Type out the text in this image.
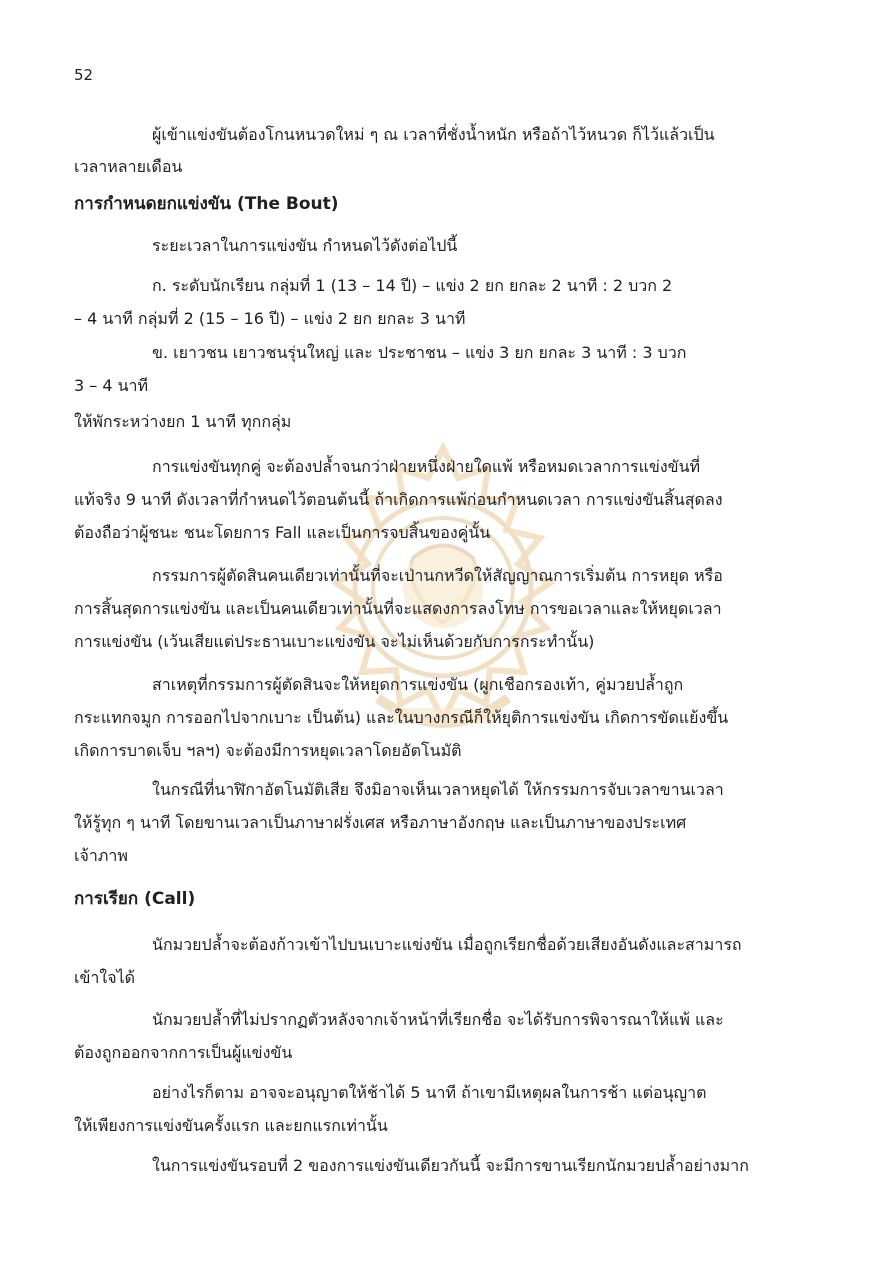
52
ผู้เข้าแข่งขันต้องโกนหนวดใหม่ ๆ ณ เวลาที่ชั่งน้ำหนัก หรือถ้าไว้หนวด ก็ไว้แล้วเป็น
เวลาหลายเดือน
การกำหนดยกแข่งขัน (The Bout)
ระยะเวลาในการแข่งขัน กำหนดไว้ดังต่อไปนี้
ก. ระดับนักเรียน กลุ่มที่ 1 (13 – 14 ปี) – แข่ง 2 ยก ยกละ 2 นาที : 2 บวก 2
– 4 นาที กลุ่มที่ 2 (15 – 16 ปี) – แข่ง 2 ยก ยกละ 3 นาที
ข. เยาวชน เยาวชนรุ่นใหญ่ และ ประชาชน – แข่ง 3 ยก ยกละ 3 นาที : 3 บวก
3 – 4 นาที
ให้พักระหว่างยก 1 นาที ทุกกลุ่ม
การแข่งขันทุกคู่ จะต้องปล้ำจนกว่าฝ่ายหนึ่งฝ่ายใดแพ้ หรือหมดเวลาการแข่งขันที่
แท้จริง 9 นาที ดังเวลาที่กำหนดไว้ตอนต้นนี้ ถ้าเกิดการแพ้ก่อนกำหนดเวลา การแข่งขันสิ้นสุดลง
ต้องถือว่าผู้ชนะ ชนะโดยการ Fall และเป็นการจบสิ้นของคู่นั้น
กรรมการผู้ตัดสินคนเดียวเท่านั้นที่จะเป่านกหวีดให้สัญญาณการเริ่มต้น การหยุด หรือ
การสิ้นสุดการแข่งขัน และเป็นคนเดียวเท่านั้นที่จะแสดงการลงโทษ การขอเวลาและให้หยุดเวลา
การแข่งขัน (เว้นเสียแต่ประธานเบาะแข่งขัน จะไม่เห็นด้วยกับการกระทำนั้น)
สาเหตุที่กรรมการผู้ตัดสินจะให้หยุดการแข่งขัน (ผูกเชือกรองเท้า, คู่มวยปล้ำถูก
กระแทกจมูก การออกไปจากเบาะ เป็นต้น) และในบางกรณีก็ให้ยุติการแข่งขัน เกิดการขัดแย้งขึ้น
เกิดการบาดเจ็บ ฯลฯ) จะต้องมีการหยุดเวลาโดยอัตโนมัติ
ในกรณีที่นาฬิกาอัตโนมัติเสีย จึงมิอาจเห็นเวลาหยุดได้ ให้กรรมการจับเวลาขานเวลา
ให้รู้ทุก ๆ นาที โดยขานเวลาเป็นภาษาฝรั่งเศส หรือภาษาอังกฤษ และเป็นภาษาของประเทศ
เจ้าภาพ
การเรียก (Call)
นักมวยปล้ำจะต้องก้าวเข้าไปบนเบาะแข่งขัน เมื่อถูกเรียกชื่อด้วยเสียงอันดังและสามารถ
เข้าใจได้
นักมวยปล้ำที่ไม่ปรากฏตัวหลังจากเจ้าหน้าที่เรียกชื่อ จะได้รับการพิจารณาให้แพ้ และ
ต้องถูกออกจากการเป็นผู้แข่งขัน
อย่างไรก็ตาม อาจจะอนุญาตให้ช้าได้ 5 นาที ถ้าเขามีเหตุผลในการช้า แต่อนุญาต
ให้เพียงการแข่งขันครั้งแรก และยกแรกเท่านั้น
ในการแข่งขันรอบที่ 2 ของการแข่งขันเดียวกันนี้ จะมีการขานเรียกนักมวยปล้ำอย่างมาก
